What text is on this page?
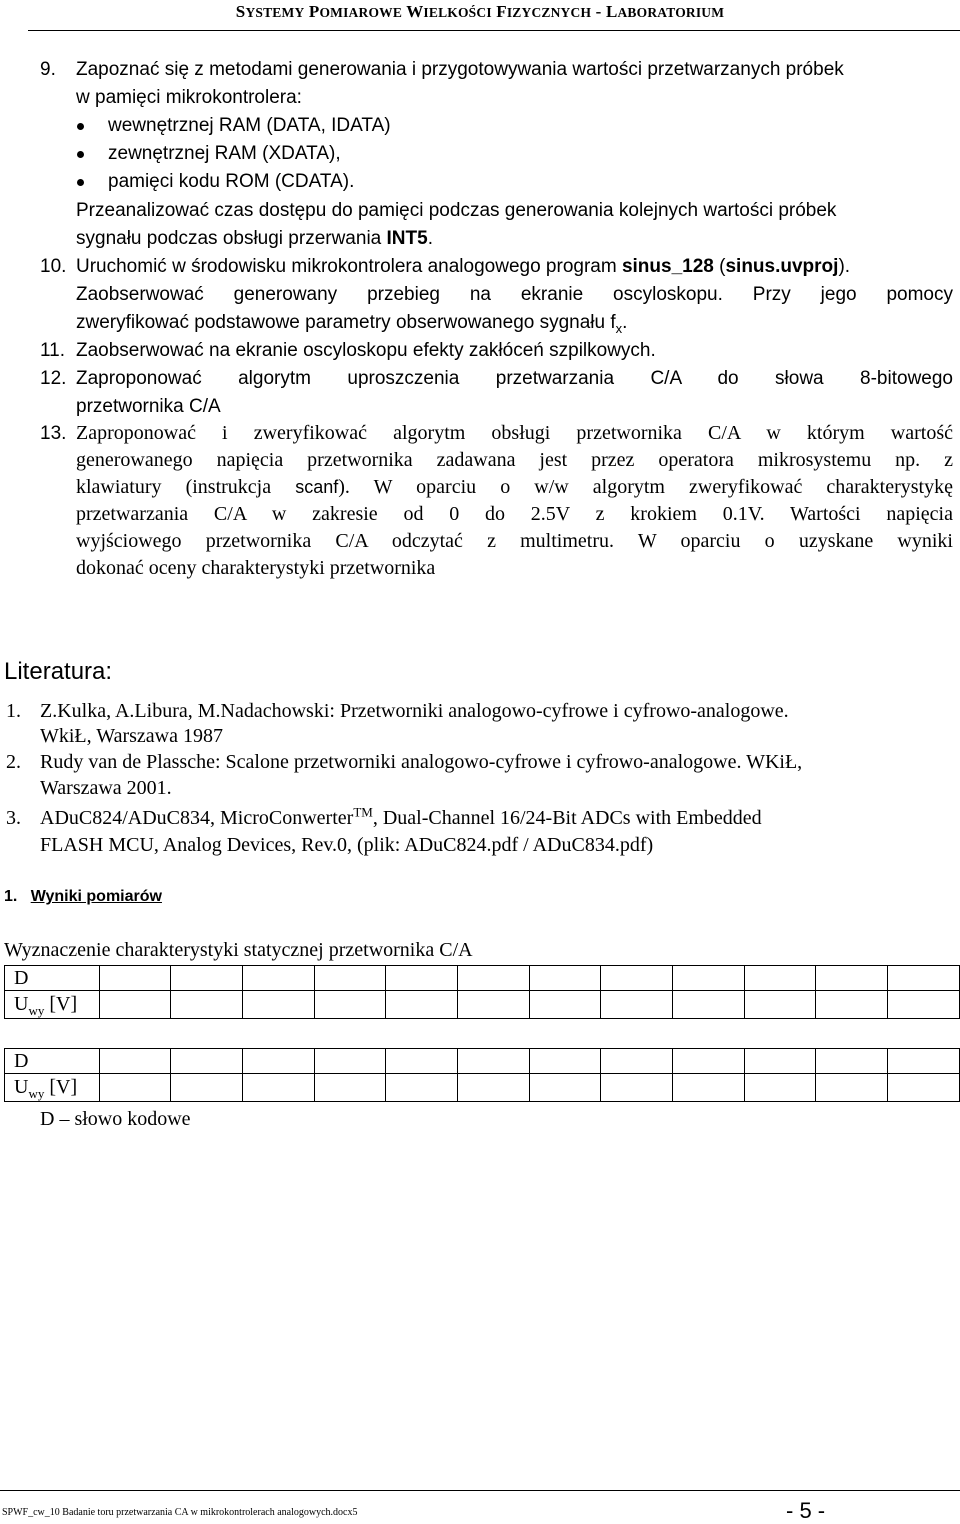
SYSTEMY POMIAROWE WIELKOŚCI FIZYCZNYCH - LABORATORIUM
9. Zapoznać się z metodami generowania i przygotowywania wartości przetwarzanych próbek
w pamięci mikrokontrolera:
wewnętrznej RAM (DATA, IDATA)
zewnętrznej RAM (XDATA),
pamięci kodu ROM (CDATA).
Przeanalizować czas dostępu do pamięci podczas generowania kolejnych wartości próbek
sygnału podczas obsługi przerwania INT5.
10. Uruchomić w środowisku mikrokontrolera analogowego program sinus_128 (sinus.uvproj).
Zaobserwować generowany przebieg na ekranie oscyloskopu. Przy jego pomocy
zweryfikować podstawowe parametry obserwowanego sygnału $f_x$.
11. Zaobserwować na ekranie oscyloskopu efekty zakłóceń szpilkowych.
12. Zaproponować algorytm uproszczenia przetwarzania C/A do słowa 8-bitowego
przetwornika C/A
13. Zaproponować i zweryfikować algorytm obsługi przetwornika C/A w którym wartość
generowanego napięcia przetwornika zadawana jest przez operatora mikrosystemu np. z
klawiatury (instrukcja scanf). W oparciu o w/w algorytm zweryfikować charakterystykę
przetwarzania C/A w zakresie od 0 do 2.5V z krokiem 0.1V. Wartości napięcia
wyjściowego przetwornika C/A odczytać z multimetru. W oparciu o uzyskane wyniki
dokonać oceny charakterystyki przetwornika
Literatura:
1. Z.Kulka, A.Libura, M.Nadachowski: Przetworniki analogowo-cyfrowe i cyfrowo-analogowe.
WkiŁ, Warszawa 1987
2. Rudy van de Plassche: Scalone przetworniki analogowo-cyfrowe i cyfrowo-analogowe. WKiŁ,
Warszawa 2001.
3. ADuC824/ADuC834, MicroConwerter™, Dual-Channel 16/24-Bit ADCs with Embedded
FLASH MCU, Analog Devices, Rev.0, (plik: ADuC824.pdf / ADuC834.pdf)
1. Wyniki pomiarów
Wyznaczenie charakterystyki statycznej przetwornika C/A
D												
$U_{wy}$ [V]												
D												
$U_{wy}$ [V]												
D – słowo kodowe
SPWF_cw_10 Badanie toru przetwarzania CA w mikrokontrolerach analogowych.docx5	- 5 -
